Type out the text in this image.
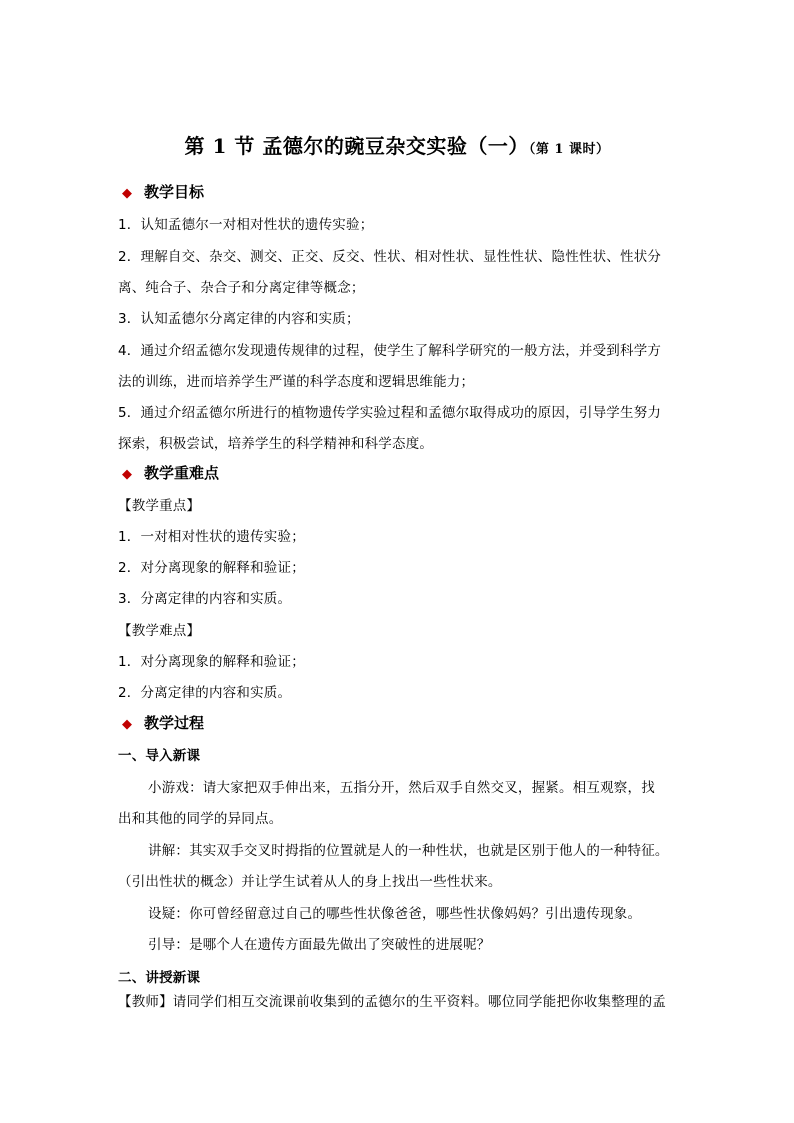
第 1 节 孟德尔的豌豆杂交实验（一）（第 1 课时）
◆ 教学目标
1．认知孟德尔一对相对性状的遗传实验；
2．理解自交、杂交、测交、正交、反交、性状、相对性状、显性性状、隐性性状、性状分
离、纯合子、杂合子和分离定律等概念；
3．认知孟德尔分离定律的内容和实质；
4．通过介绍孟德尔发现遗传规律的过程，使学生了解科学研究的一般方法，并受到科学方
法的训练，进而培养学生严谨的科学态度和逻辑思维能力；
5．通过介绍孟德尔所进行的植物遗传学实验过程和孟德尔取得成功的原因，引导学生努力
探索，积极尝试，培养学生的科学精神和科学态度。
◆ 教学重难点
【教学重点】
1．一对相对性状的遗传实验；
2．对分离现象的解释和验证；
3．分离定律的内容和实质。
【教学难点】
1．对分离现象的解释和验证；
2．分离定律的内容和实质。
◆ 教学过程
一、导入新课
小游戏：请大家把双手伸出来，五指分开，然后双手自然交叉，握紧。相互观察，找
出和其他的同学的异同点。
讲解：其实双手交叉时拇指的位置就是人的一种性状，也就是区别于他人的一种特征。
（引出性状的概念）并让学生试着从人的身上找出一些性状来。
设疑：你可曾经留意过自己的哪些性状像爸爸，哪些性状像妈妈？引出遗传现象。
引导：是哪个人在遗传方面最先做出了突破性的进展呢？
二、讲授新课
【教师】请同学们相互交流课前收集到的孟德尔的生平资料。哪位同学能把你收集整理的孟
